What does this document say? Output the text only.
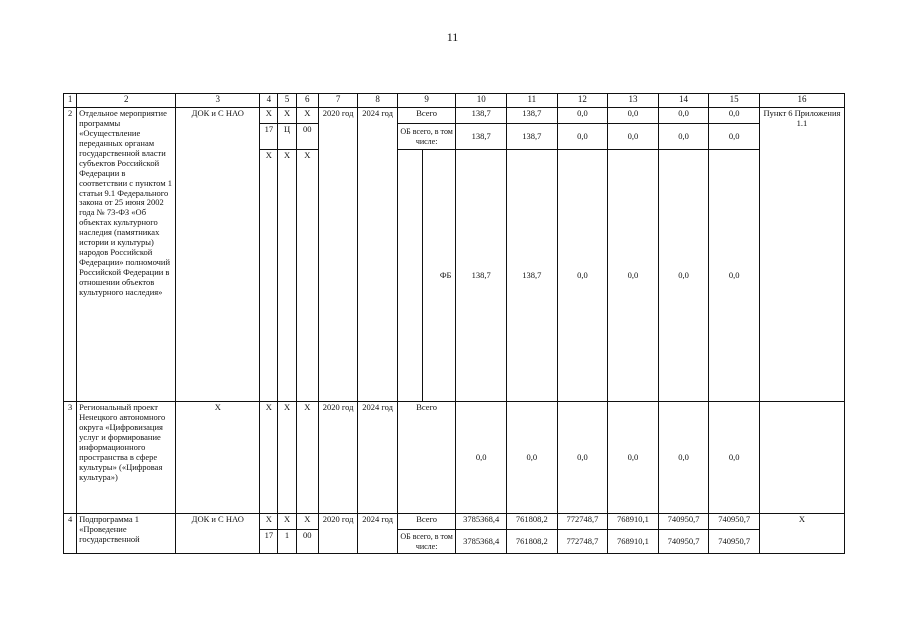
11
1	2	3	4	5	6	7	8	9		10	11	12	13	14	15	16
2	Отдельное мероприятие программы «Осуществление переданных органам государственной власти субъектов Российской Федерации в соответствии с пунктом 1 статьи 9.1 Федерального закона от 25 июня 2002 года № 73-ФЗ «Об объектах культурного наследия (памятниках истории и культуры) народов Российской Федерации» полномочий Российской Федерации в отношении объектов культурного наследия»	ДОК и С НАО	Х	Х	Х	2020 год	2024 год	Всего		138,7	138,7	0,0	0,0	0,0	0,0	Пункт 6 Приложения 1.1
			17	Ц	00			ОБ всего, в том числе:		138,7	138,7	0,0	0,0	0,0	0,0	
			Х	Х	Х				ФБ	138,7	138,7	0,0	0,0	0,0	0,0	
3	Региональный проект Ненецкого автономного округа «Цифровизация услуг и формирование информационного пространства в сфере культуры» («Цифровая культура»)	Х	Х	Х	Х	2020 год	2024 год	Всего		0,0	0,0	0,0	0,0	0,0	0,0	
4	Подпрограмма 1 «Проведение государственной	ДОК и С НАО	Х	Х	Х	2020 год	2024 год	Всего		3785368,4	761808,2	772748,7	768910,1	740950,7	740950,7	Х
			17	1	00			ОБ всего, в том числе:		3785368,4	761808,2	772748,7	768910,1	740950,7	740950,7	
